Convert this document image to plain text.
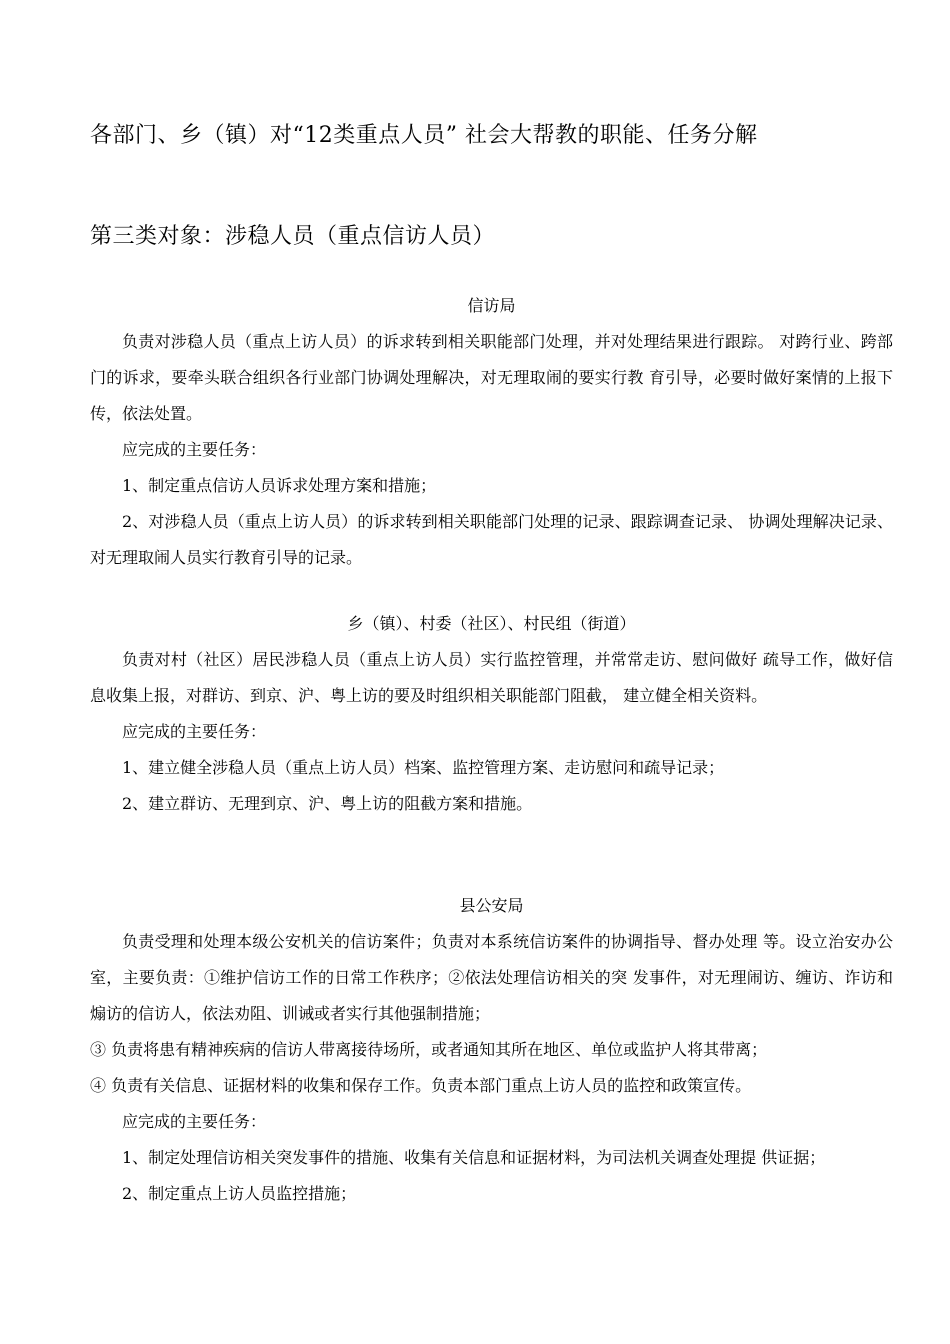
各部门、乡（镇）对“12类重点人员” 社会大帮教的职能、任务分解
第三类对象：涉稳人员（重点信访人员）

信访局

负责对涉稳人员（重点上访人员）的诉求转到相关职能部门处理，并对处理结果进行跟踪。 对跨行业、跨部门的诉求，要牵头联合组织各行业部门协调处理解决，对无理取闹的要实行教 育引导，必要时做好案情的上报下传，依法处置。

应完成的主要任务：

1、制定重点信访人员诉求处理方案和措施；

2、对涉稳人员（重点上访人员）的诉求转到相关职能部门处理的记录、跟踪调查记录、 协调处理解决记录、对无理取闹人员实行教育引导的记录。

乡（镇）、村委（社区）、村民组（街道）

负责对村（社区）居民涉稳人员（重点上访人员）实行监控管理，并常常走访、慰问做好 疏导工作，做好信息收集上报，对群访、到京、沪、粤上访的要及时组织相关职能部门阻截， 建立健全相关资料。

应完成的主要任务：

1、建立健全涉稳人员（重点上访人员）档案、监控管理方案、走访慰问和疏导记录；

2、建立群访、无理到京、沪、粤上访的阻截方案和措施。

县公安局

负责受理和处理本级公安机关的信访案件；负责对本系统信访案件的协调指导、督办处理 等。设立治安办公室，主要负责：①维护信访工作的日常工作秩序；②依法处理信访相关的突 发事件，对无理闹访、缠访、诈访和煽访的信访人，依法劝阻、训诫或者实行其他强制措施；

③ 负责将患有精神疾病的信访人带离接待场所，或者通知其所在地区、单位或监护人将其带离；

④ 负责有关信息、证据材料的收集和保存工作。负责本部门重点上访人员的监控和政策宣传。

应完成的主要任务：

1、制定处理信访相关突发事件的措施、收集有关信息和证据材料，为司法机关调查处理提 供证据；

2、制定重点上访人员监控措施；
